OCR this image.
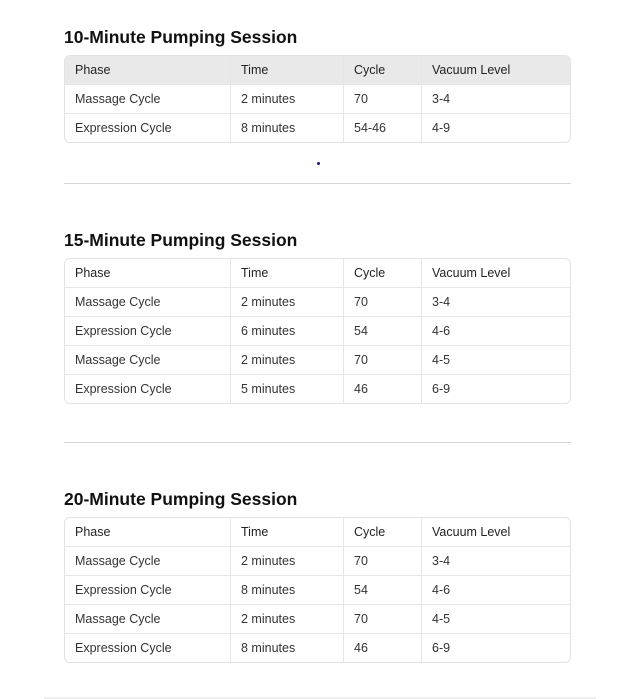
10-Minute Pumping Session
Phase	Time	Cycle	Vacuum Level
Massage Cycle	2 minutes	70	3-4
Expression Cycle	8 minutes	54-46	4-9
15-Minute Pumping Session
Phase	Time	Cycle	Vacuum Level
Massage Cycle	2 minutes	70	3-4
Expression Cycle	6 minutes	54	4-6
Massage Cycle	2 minutes	70	4-5
Expression Cycle	5 minutes	46	6-9
20-Minute Pumping Session
Phase	Time	Cycle	Vacuum Level
Massage Cycle	2 minutes	70	3-4
Expression Cycle	8 minutes	54	4-6
Massage Cycle	2 minutes	70	4-5
Expression Cycle	8 minutes	46	6-9
